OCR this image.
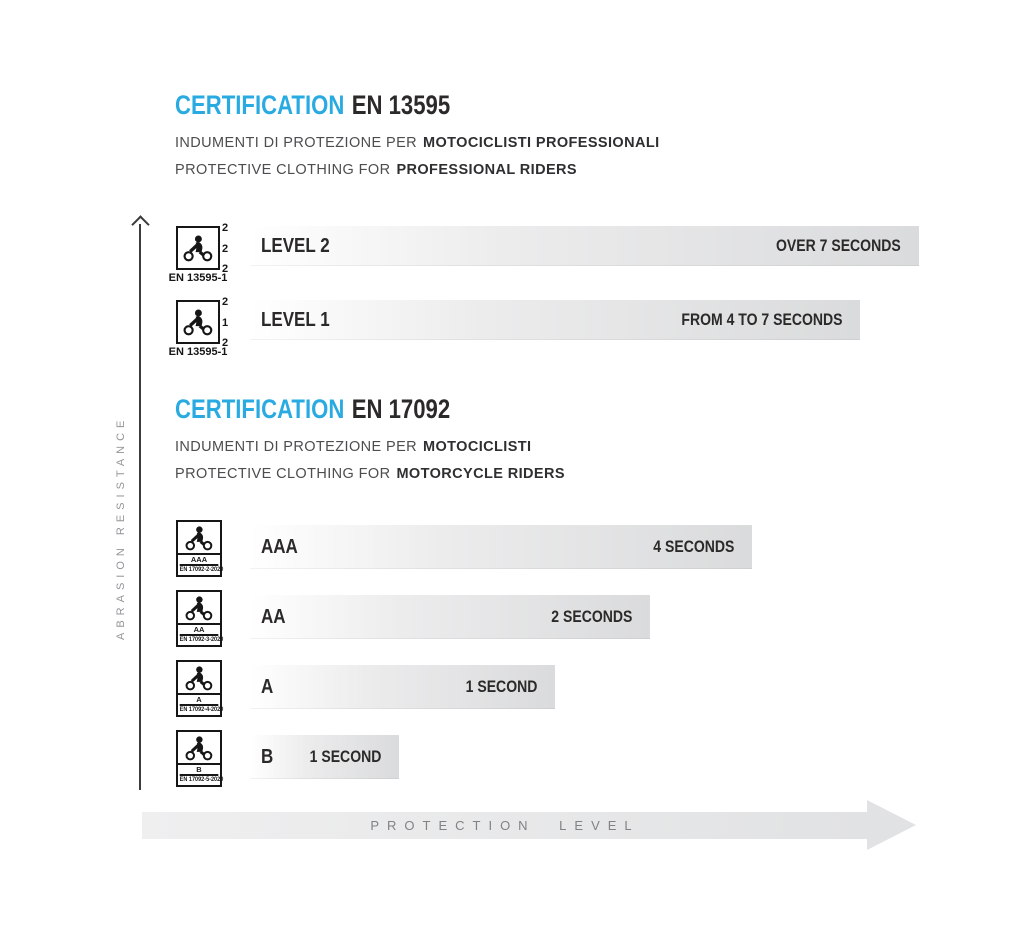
CERTIFICATION EN 13595
INDUMENTI DI PROTEZIONE PER MOTOCICLISTI PROFESSIONALI
PROTECTIVE CLOTHING FOR PROFESSIONAL RIDERS
ABRASION RESISTANCE
2
2
2
EN 13595-1
LEVEL 2	OVER 7 SECONDS
2
1
2
EN 13595-1
LEVEL 1	FROM 4 TO 7 SECONDS
CERTIFICATION EN 17092
INDUMENTI DI PROTEZIONE PER MOTOCICLISTI
PROTECTIVE CLOTHING FOR MOTORCYCLE RIDERS
AAA
EN 17092-2-2020
AAA	4 SECONDS
AA
EN 17092-3-2020
AA	2 SECONDS
A
EN 17092-4-2020
A	1 SECOND
B
EN 17092-5-2020
B 1 SECOND
PROTECTION LEVEL
